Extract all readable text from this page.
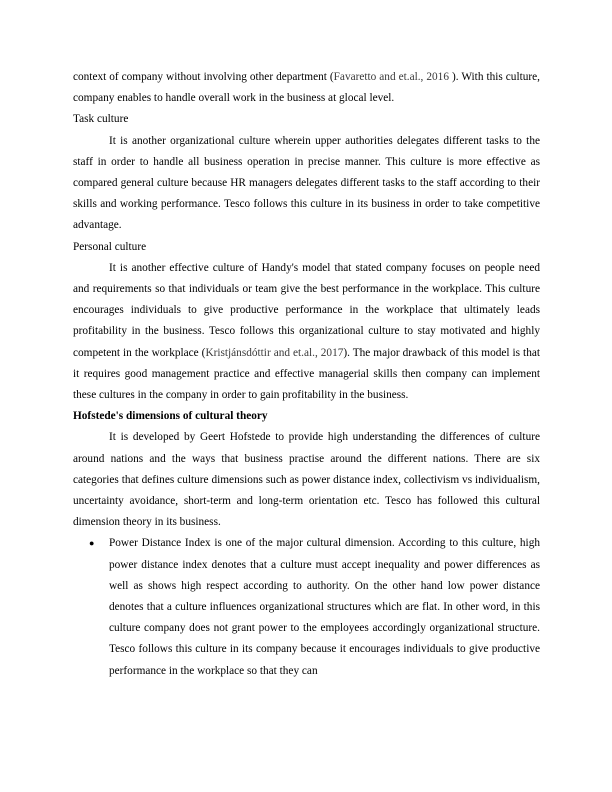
context of company without involving other department (Favaretto and et.al., 2016 ). With this culture, company enables to handle overall work in the business at glocal level.

Task culture

It is another organizational culture wherein upper authorities delegates different tasks to the staff in order to handle all business operation in precise manner. This culture is more effective as compared general culture because HR managers delegates different tasks to the staff according to their skills and working performance. Tesco follows this culture in its business in order to take competitive advantage.

Personal culture

It is another effective culture of Handy's model that stated company focuses on people need and requirements so that individuals or team give the best performance in the workplace. This culture encourages individuals to give productive performance in the workplace that ultimately leads profitability in the business. Tesco follows this organizational culture to stay motivated and highly competent in the workplace (Kristjánsdóttir and et.al., 2017). The major drawback of this model is that it requires good management practice and effective managerial skills then company can implement these cultures in the company in order to gain profitability in the business.

Hofstede's dimensions of cultural theory

It is developed by Geert Hofstede to provide high understanding the differences of culture around nations and the ways that business practise around the different nations. There are six categories that defines culture dimensions such as power distance index, collectivism vs individualism, uncertainty avoidance, short-term and long-term orientation etc. Tesco has followed this cultural dimension theory in its business.

● Power Distance Index is one of the major cultural dimension. According to this culture, high power distance index denotes that a culture must accept inequality and power differences as well as shows high respect according to authority. On the other hand low power distance denotes that a culture influences organizational structures which are flat. In other word, in this culture company does not grant power to the employees accordingly organizational structure. Tesco follows this culture in its company because it encourages individuals to give productive performance in the workplace so that they can
